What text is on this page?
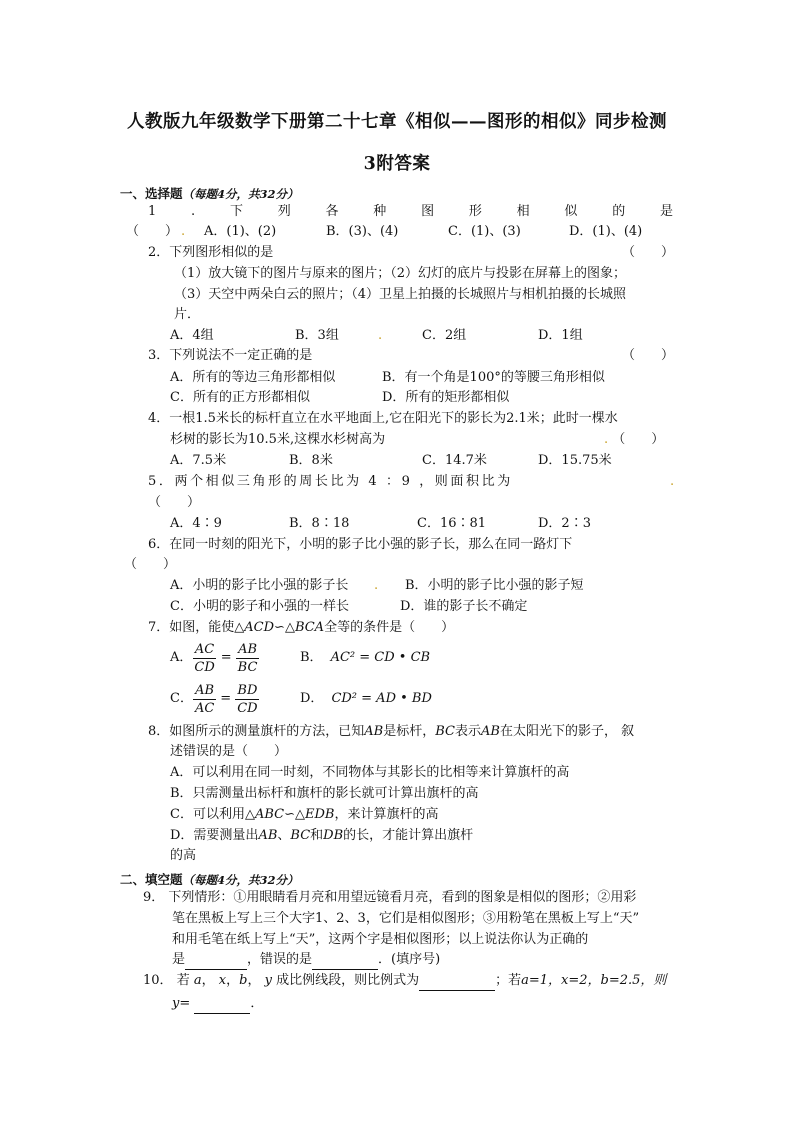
人教版九年级数学下册第二十七章《相似——图形的相似》同步检测
3附答案
一、选择题（每题4分，共32分）
1	.	下	列	各	种	图	形	相	似	的	是
（　　） . A．(1)、(2)	B．(3)、(4)	C．(1)、(3)	D．(1)、(4)
2．下列图形相似的是	（　　）
（1）放大镜下的图片与原来的图片；（2）幻灯的底片与投影在屏幕上的图象；
（3）天空中两朵白云的照片；（4）卫星上拍摄的长城照片与相机拍摄的长城照
片．
A．4组	B．3组	.	C．2组	D．1组
3．下列说法不一定正确的是	（　　）
A．所有的等边三角形都相似	B．有一个角是100°的等腰三角形相似
C．所有的正方形都相似	D．所有的矩形都相似
4．一根1.5米长的标杆直立在水平地面上,它在阳光下的影长为2.1米；此时一棵水
杉树的影长为10.5米,这棵水杉树高为	. （　　）
A．7.5米	B．8米	C．14.7米	D．15.75米
5．两个相似三角形的周长比为 4 ：9 ，则面积比为	.
（　　）
A．4∶9	B．8∶18	C．16∶81	D．2∶3
6．在同一时刻的阳光下，小明的影子比小强的影子长，那么在同一路灯下
（　　）
A．小明的影子比小强的影子长 . B．小明的影子比小强的影子短
C．小明的影子和小强的一样长	D．谁的影子长不确定
7．如图，能使△ACD∽△BCA全等的条件是（　　）
A． $\frac{AC}{CD} = \frac{AB}{BC}$	B． AC² = CD • CB
C． $\frac{AB}{AC} = \frac{BD}{CD}$	D． CD² = AD • BD
8．如图所示的测量旗杆的方法，已知AB是标杆，BC表示AB在太阳光下的影子， 叙
述错误的是（　　）
A．可以利用在同一时刻，不同物体与其影长的比相等来计算旗杆的高
B．只需测量出标杆和旗杆的影长就可计算出旗杆的高
C．可以利用△ABC∽△EDB，来计算旗杆的高
D．需要测量出AB、BC和DB的长，才能计算出旗杆
的高
二、填空题（每题4分，共32分）
9． 下列情形：①用眼睛看月亮和用望远镜看月亮，看到的图象是相似的图形；②用彩
笔在黑板上写上三个大字1、2、3，它们是相似图形；③用粉笔在黑板上写上“天”
和用毛笔在纸上写上“天”，这两个字是相似图形；以上说法你认为正确的
是	，错误的是	．(填序号)
10． 若 a， x，b， y 成比例线段，则比例式为	；若a=1，x=2，b=2.5，则
y=	．
